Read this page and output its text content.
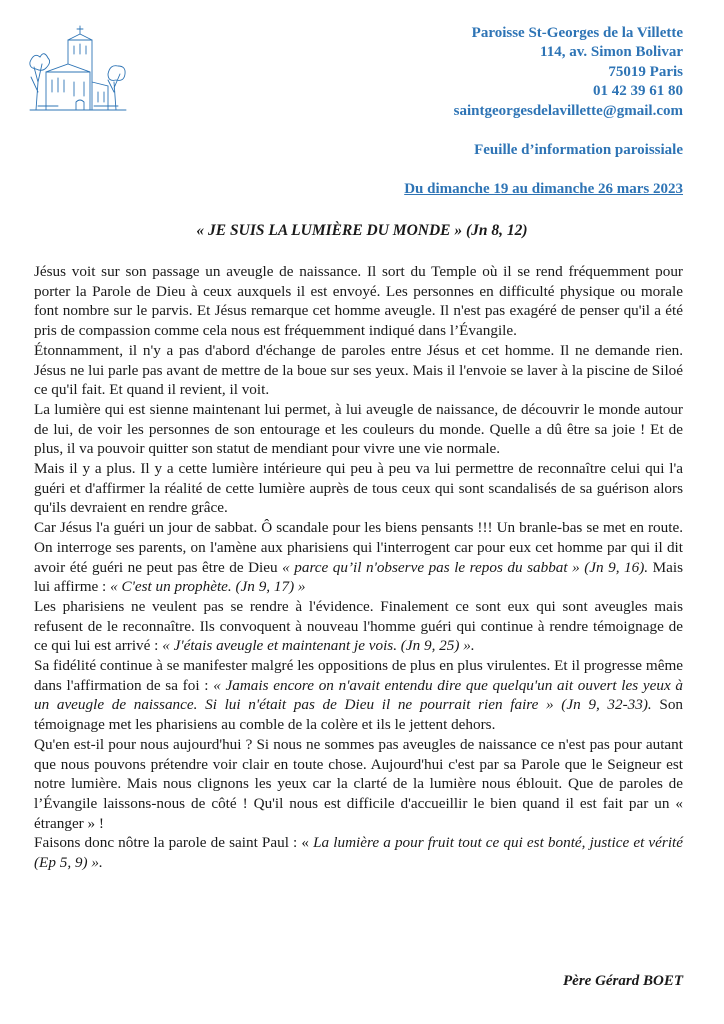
Paroisse St-Georges de la Villette
114, av. Simon Bolivar
75019 Paris
01 42 39 61 80
saintgeorgesdelavillette@gmail.com
Feuille d’information paroissiale
Du dimanche 19 au dimanche 26 mars 2023
« JE SUIS LA LUMIÈRE DU MONDE » (Jn 8, 12)

Jésus voit sur son passage un aveugle de naissance. Il sort du Temple où il se rend fréquemment pour porter la Parole de Dieu à ceux auxquels il est envoyé. Les personnes en difficulté physique ou morale font nombre sur le parvis. Et Jésus remarque cet homme aveugle. Il n'est pas exagéré de penser qu'il a été pris de compassion comme cela nous est fréquemment indiqué dans l’Évangile.

Étonnamment, il n'y a pas d'abord d'échange de paroles entre Jésus et cet homme. Il ne demande rien. Jésus ne lui parle pas avant de mettre de la boue sur ses yeux. Mais il l'envoie se laver à la piscine de Siloé ce qu'il fait. Et quand il revient, il voit.

La lumière qui est sienne maintenant lui permet, à lui aveugle de naissance, de découvrir le monde autour de lui, de voir les personnes de son entourage et les couleurs du monde. Quelle a dû être sa joie ! Et de plus, il va pouvoir quitter son statut de mendiant pour vivre une vie normale.

Mais il y a plus. Il y a cette lumière intérieure qui peu à peu va lui permettre de reconnaître celui qui l'a guéri et d'affirmer la réalité de cette lumière auprès de tous ceux qui sont scandalisés de sa guérison alors qu'ils devraient en rendre grâce.

Car Jésus l'a guéri un jour de sabbat. Ô scandale pour les biens pensants !!! Un branle-bas se met en route. On interroge ses parents, on l'amène aux pharisiens qui l'interrogent car pour eux cet homme par qui il dit avoir été guéri ne peut pas être de Dieu « parce qu’il n'observe pas le repos du sabbat » (Jn 9, 16). Mais lui affirme : « C'est un prophète. (Jn 9, 17) »

Les pharisiens ne veulent pas se rendre à l'évidence. Finalement ce sont eux qui sont aveugles mais refusent de le reconnaître. Ils convoquent à nouveau l'homme guéri qui continue à rendre témoignage de ce qui lui est arrivé : « J'étais aveugle et maintenant je vois. (Jn 9, 25) ».

Sa fidélité continue à se manifester malgré les oppositions de plus en plus virulentes. Et il progresse même dans l'affirmation de sa foi : « Jamais encore on n'avait entendu dire que quelqu'un ait ouvert les yeux à un aveugle de naissance. Si lui n'était pas de Dieu il ne pourrait rien faire » (Jn 9, 32-33). Son témoignage met les pharisiens au comble de la colère et ils le jettent dehors.

Qu'en est-il pour nous aujourd'hui ? Si nous ne sommes pas aveugles de naissance ce n'est pas pour autant que nous pouvons prétendre voir clair en toute chose. Aujourd'hui c'est par sa Parole que le Seigneur est notre lumière. Mais nous clignons les yeux car la clarté de la lumière nous éblouit. Que de paroles de l’Évangile laissons-nous de côté ! Qu'il nous est difficile d'accueillir le bien quand il est fait par un « étranger » !

Faisons donc nôtre la parole de saint Paul : « La lumière a pour fruit tout ce qui est bonté, justice et vérité (Ep 5, 9) ».

Père Gérard BOET
